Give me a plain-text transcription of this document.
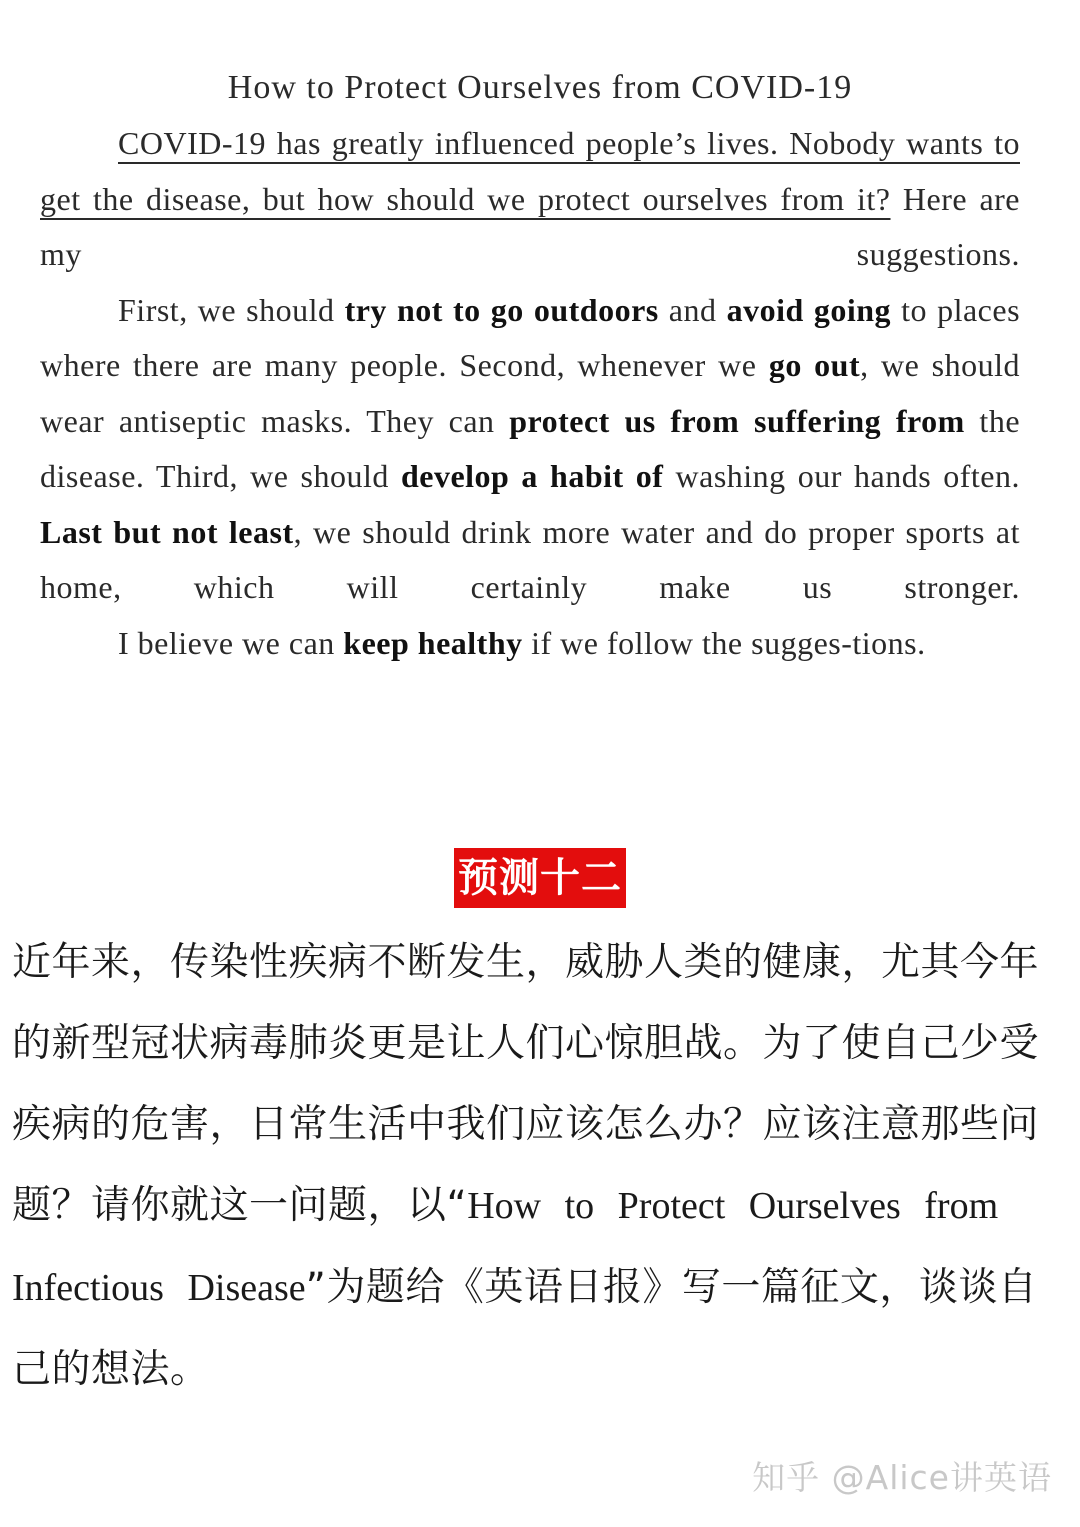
How to Protect Ourselves from COVID-19

COVID-19 has greatly influenced people’s lives. Nobody wants to get the disease, but how should we protect ourselves from it? Here are my suggestions.

First, we should try not to go outdoors and avoid going to places where there are many people. Second, whenever we go out, we should wear antiseptic masks. They can protect us from suffering from the disease. Third, we should develop a habit of washing our hands often. Last but not least, we should drink more water and do proper sports at home, which will certainly make us stronger.

I believe we can keep healthy if we follow the sugges-tions.

预测十二

近年来，传染性疾病不断发生，威胁人类的健康，尤其今年的新型冠状病毒肺炎更是让人们心惊胆战。为了使自己少受疾病的危害，日常生活中我们应该怎么办？应该注意那些问题？请你就这一问题，以“How to Protect Ourselves from Infectious Disease”为题给《英语日报》写一篇征文，谈谈自己的想法。

知乎 @Alice讲英语
